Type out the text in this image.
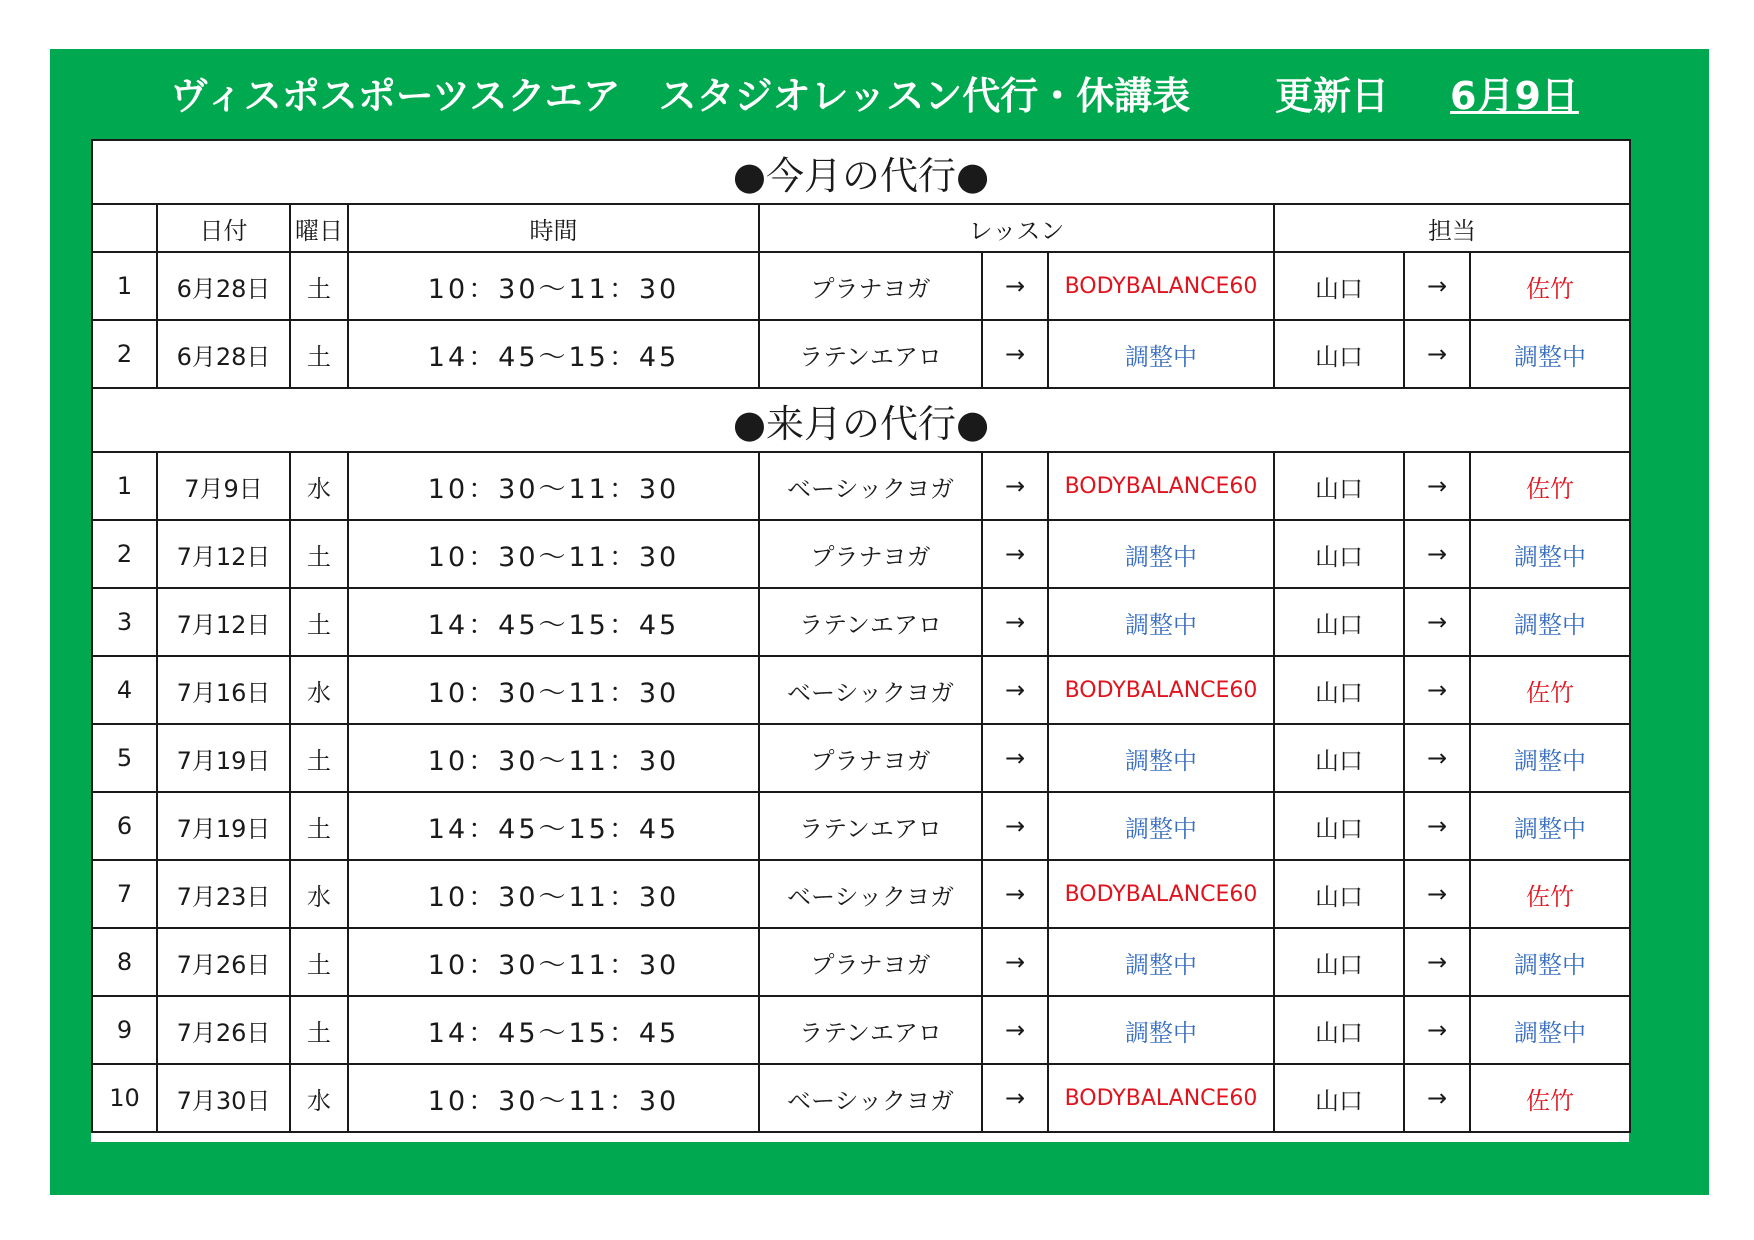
ヴィスポスポーツスクエア　スタジオレッスン代行・休講表 更新日 6月9日
●今月の代行●									
	日付	曜日	時間	レッスン			担当		
1	6月28日	土	10：30～11：30	プラナヨガ	→	BODYBALANCE60	山口	→	佐竹
2	6月28日	土	14：45～15：45	ラテンエアロ	→	調整中	山口	→	調整中
●来月の代行●									
1	7月9日	水	10：30～11：30	ベーシックヨガ	→	BODYBALANCE60	山口	→	佐竹
2	7月12日	土	10：30～11：30	プラナヨガ	→	調整中	山口	→	調整中
3	7月12日	土	14：45～15：45	ラテンエアロ	→	調整中	山口	→	調整中
4	7月16日	水	10：30～11：30	ベーシックヨガ	→	BODYBALANCE60	山口	→	佐竹
5	7月19日	土	10：30～11：30	プラナヨガ	→	調整中	山口	→	調整中
6	7月19日	土	14：45～15：45	ラテンエアロ	→	調整中	山口	→	調整中
7	7月23日	水	10：30～11：30	ベーシックヨガ	→	BODYBALANCE60	山口	→	佐竹
8	7月26日	土	10：30～11：30	プラナヨガ	→	調整中	山口	→	調整中
9	7月26日	土	14：45～15：45	ラテンエアロ	→	調整中	山口	→	調整中
10	7月30日	水	10：30～11：30	ベーシックヨガ	→	BODYBALANCE60	山口	→	佐竹
